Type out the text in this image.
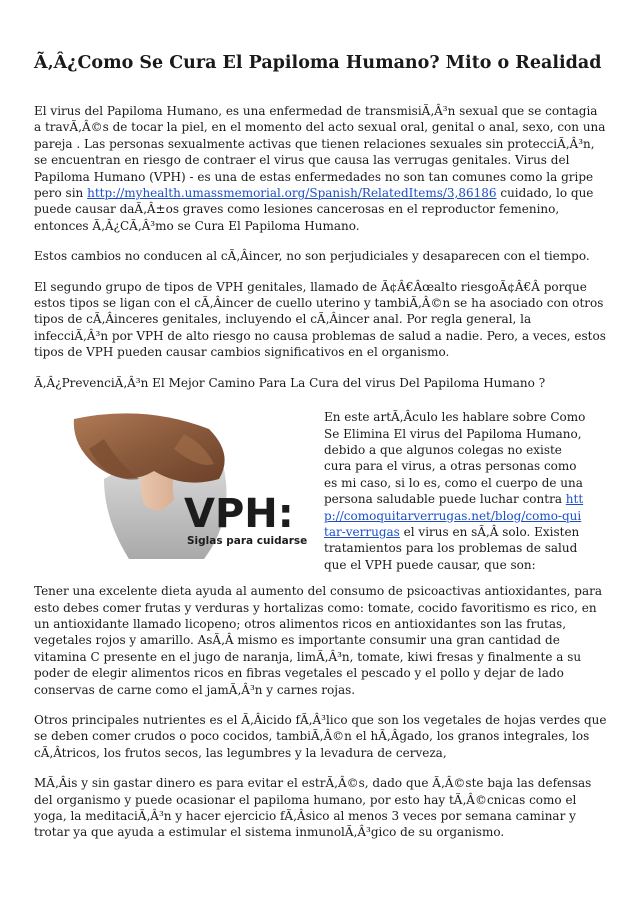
Ã‚Â¿Como Se Cura El Papiloma Humano? Mito o Realidad

El virus del Papiloma Humano, es una enfermedad de transmisiÃ‚Â³n sexual que se contagia a travÃ‚Â©s de tocar la piel, en el momento del acto sexual oral, genital o anal, sexo, con una pareja . Las personas sexualmente activas que tienen relaciones sexuales sin protecciÃ‚Â³n, se encuentran en riesgo de contraer el virus que causa las verrugas genitales. Virus del Papiloma Humano (VPH) - es una de estas enfermedades no son tan comunes como la gripe pero sin http://myhealth.umassmemorial.org/Spanish/RelatedItems/3,86186 cuidado, lo que puede causar daÃ‚Â±os graves como lesiones cancerosas en el reproductor femenino, entonces Ã‚Â¿CÃ‚Â³mo se Cura El Papiloma Humano.

Estos cambios no conducen al cÃ‚Âincer, no son perjudiciales y desaparecen con el tiempo.

El segundo grupo de tipos de VPH genitales, llamado de Ã¢Â€Âœalto riesgoÃ¢Â€Â porque estos tipos se ligan con el cÃ‚Âincer de cuello uterino y tambiÃ‚Â©n se ha asociado con otros tipos de cÃ‚Âinceres genitales, incluyendo el cÃ‚Âincer anal. Por regla general, la infecciÃ‚Â³n por VPH de alto riesgo no causa problemas de salud a nadie. Pero, a veces, estos tipos de VPH pueden causar cambios significativos en el organismo.

Ã‚Â¿PrevenciÃ‚Â³n El Mejor Camino Para La Cura del virus Del Papiloma Humano ?

VPH:
Siglas para cuidarse
En este artÃ‚Âculo les hablare sobre Como Se Elimina El virus del Papiloma Humano, debido a que algunos colegas no existe cura para el virus, a otras personas como es mi caso, si lo es, como el cuerpo de una persona saludable puede luchar contra http://comoquitarverrugas.net/blog/como-quitar-verrugas el virus en sÃ‚Â solo. Existen tratamientos para los problemas de salud que el VPH puede causar, que son:

Tener una excelente dieta ayuda al aumento del consumo de psicoactivas antioxidantes, para esto debes comer frutas y verduras y hortalizas como: tomate, cocido favoritismo es rico, en un antioxidante llamado licopeno; otros alimentos ricos en antioxidantes son las frutas, vegetales rojos y amarillo. AsÃ‚Â mismo es importante consumir una gran cantidad de vitamina C presente en el jugo de naranja, limÃ‚Â³n, tomate, kiwi fresas y finalmente a su poder de elegir alimentos ricos en fibras vegetales el pescado y el pollo y dejar de lado conservas de carne como el jamÃ‚Â³n y carnes rojas.

Otros principales nutrientes es el Ã‚Âicido fÃ‚Â³lico que son los vegetales de hojas verdes que se deben comer crudos o poco cocidos, tambiÃ‚Â©n el hÃ‚Âgado, los granos integrales, los cÃ‚Âtricos, los frutos secos, las legumbres y la levadura de cerveza,

MÃ‚Âis y sin gastar dinero es para evitar el estrÃ‚Â©s, dado que Ã‚Â©ste baja las defensas del organismo y puede ocasionar el papiloma humano, por esto hay tÃ‚Â©cnicas como el yoga, la meditaciÃ‚Â³n y hacer ejercicio fÃ‚Âsico al menos 3 veces por semana caminar y trotar ya que ayuda a estimular el sistema inmunolÃ‚Â³gico de su organismo.
